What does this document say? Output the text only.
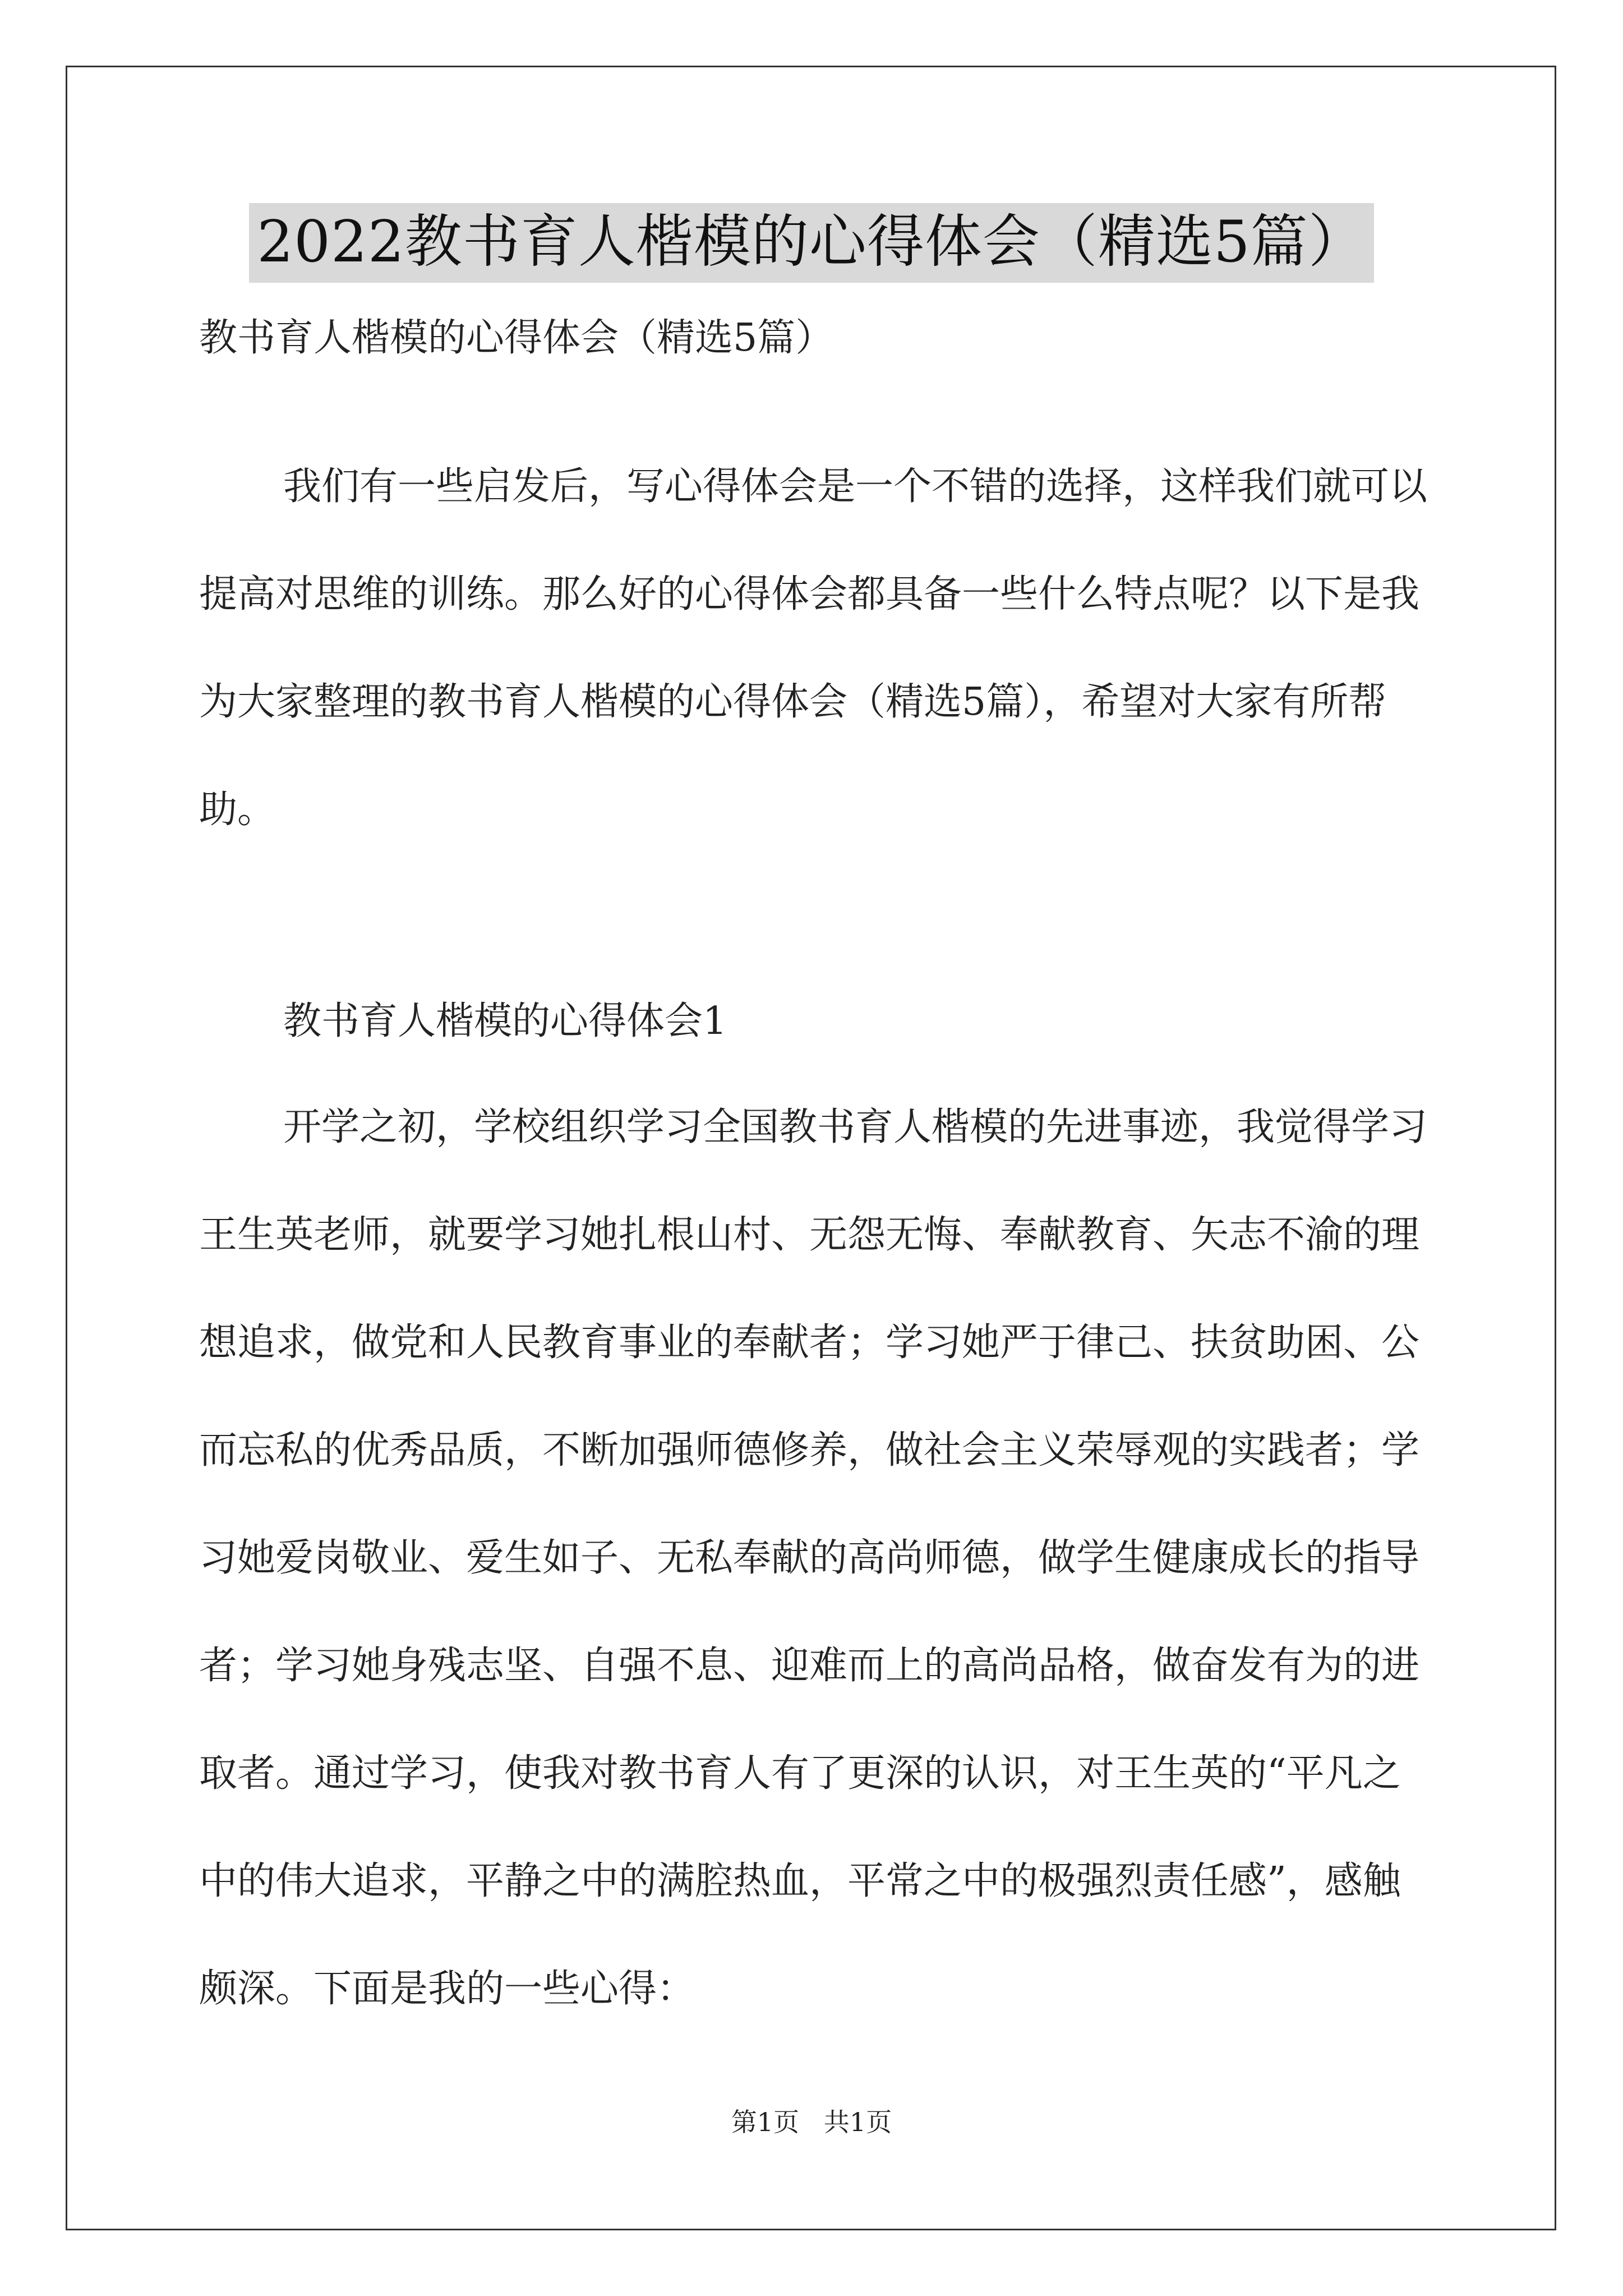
2022教书育人楷模的心得体会（精选5篇）
教书育人楷模的心得体会（精选5篇）

我们有一些启发后，写心得体会是一个不错的选择，这样我们就可以提高对思维的训练。那么好的心得体会都具备一些什么特点呢？以下是我为大家整理的教书育人楷模的心得体会（精选5篇），希望对大家有所帮助。

教书育人楷模的心得体会1

开学之初，学校组织学习全国教书育人楷模的先进事迹，我觉得学习王生英老师，就要学习她扎根山村、无怨无悔、奉献教育、矢志不渝的理想追求，做党和人民教育事业的奉献者；学习她严于律己、扶贫助困、公而忘私的优秀品质，不断加强师德修养，做社会主义荣辱观的实践者；学习她爱岗敬业、爱生如子、无私奉献的高尚师德，做学生健康成长的指导者；学习她身残志坚、自强不息、迎难而上的高尚品格，做奋发有为的进取者。通过学习，使我对教书育人有了更深的认识，对王生英的“平凡之中的伟大追求，平静之中的满腔热血，平常之中的极强烈责任感”，感触颇深。下面是我的一些心得：

第1页   共1页
